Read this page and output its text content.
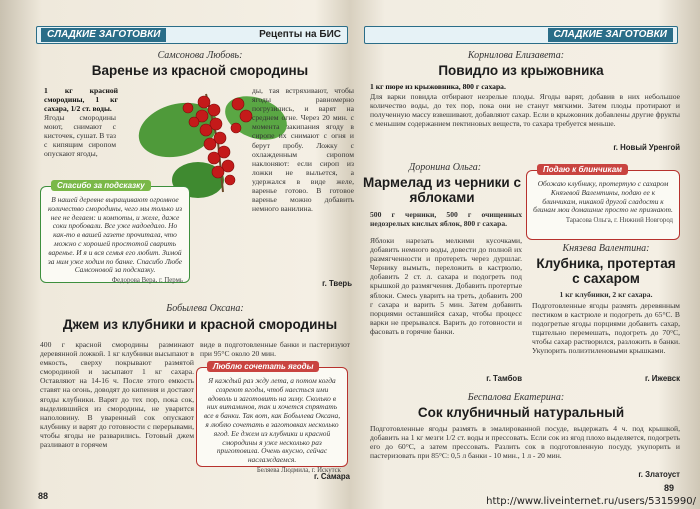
СЛАДКИЕ ЗАГОТОВКИ	Рецепты на БИС
Самсонова Любовь:
Варенье из красной смородины
1 кг красной смородины, 1 кг сахара, 1/2 ст. воды.
Ягоды смородины моют, снимают с кисточек, сушат. В таз с кипящим сиропом опускают ягоды,
ды, тая встряхивают, чтобы ягоды равномерно погрузились, и варят на среднем огне. Через 20 мин. с момента закипания ягоду в сиропе их снимают с огня и берут пробу. Ложку с охлажденным сиропом наклоняют: если сироп из ложки не выльется, а удержался в виде желе, варенье готово. В готовое варенье можно добавить немного ванилина.
г. Тверь
Спасибо за подсказку
В нашей деревне выращивают огромное количество смородины, чего мы только из нее не делаем: и компоты, и желе, даже соки пробовали. Все уже надоедало. Но как-то в вашей газете прочитала, что можно с хорошей простотой сварить варенье. И я и вся семья его любит. Зимой за ним уже ходим по банке. Спасибо Любе Самсоновой за подсказку.
Федорова Вера, г. Пермь
Бобылева Оксана:
Джем из клубники и красной смородины
400 г красной смородины разминают деревянной ложкой. 1 кг клубники высыпают в емкость, сверху покрывают размятой смородиной и засыпают 1 кг сахара. Оставляют на 14-16 ч. После этого емкость ставят на огонь, доводят до кипения и достают ягоды клубники. Варят до тех пор, пока сок, выделившийся из смородины, не уварится наполовину. В уваренный сок опускают клубнику и варят до готовности с перерывами, чтобы ягоды не разварились. Готовый джем разливают в горячем
виде в подготовленные банки и пастеризуют при 95°С около 20 мин.
Люблю сочетать ягоды
Я каждый раз жду лета, а потом когда созреют ягоды, чтоб наесться ими вдоволь и заготовить на зиму. Сколько в них витаминов, так и хочется спрятать все в банки. Так вот, как Бобылева Оксана, я люблю сочетать в заготовках несколько ягод. Ее джем из клубники и красной смородины я уже несколько раз приготовила. Очень вкусно, сейчас наслаждаемся.
Беляева Людмила, г. Искутск
г. Самара
88
СЛАДКИЕ ЗАГОТОВКИ
Корнилова Елизавета:
Повидло из крыжовника
1 кг пюре из крыжовника, 800 г сахара.
Для варки повидла отбирают незрелые плоды. Ягоды варят, добавив в них небольшое количество воды, до тех пор, пока они не станут мягкими. Затем плоды протирают и полученную массу взвешивают, добавляют сахар. Если в крыжовник добавлены другие фрукты с меньшим содержанием пектиновых веществ, то сахара требуется меньше.
г. Новый Уренгой
Доронина Ольга:
Мармелад из черники с яблоками
500 г черники, 500 г очищенных недозрелых кислых яблок, 800 г сахара.
Яблоки нарезать мелкими кусочками, добавить немного воды, довести до полной их размягченности и протереть через дуршлаг. Чернику вымыть, переложить в кастрюлю, добавить 2 ст. л. сахара и подогреть под крышкой до размягчения. Добавить протертые яблоки. Смесь уварить на треть, добавить 200 г сахара и варить 5 мин. Затем добавить порциями оставшийся сахар, чтобы процесс варки не прерывался. Варить до готовности и фасовать в горячие банки.
г. Тамбов
Подаю к блинчикам
Обожаю клубнику, протертую с сахаром Князевой Валентины, подаю ее к блинчикам, никакой другой сладости к блинам мои домашние просто не признают.
Тарасова Ольга, г. Нижний Новгород
Князева Валентина:
Клубника, протертая с сахаром
1 кг клубники, 2 кг сахара.
Подготовленные ягоды размять деревянным пестиком в кастрюле и подогреть до 65°С. В подогретые ягоды порциями добавить сахар, тщательно перемешать, подогреть до 70°С, чтобы сахар растворился, разложить в банки. Укупорить полиэтиленовыми крышками.
г. Ижевск
Беспалова Екатерина:
Сок клубничный натуральный
Подготовленные ягоды размять в эмалированной посуде, выдержать 4 ч. под крышкой, добавить на 1 кг мезги 1/2 ст. воды и прессовать. Если сок из ягод плохо выделяется, подогреть его до 60°С, а затем прессовать. Разлить сок в подготовленную посуду, укупорить и пастеризовать при 85°С: 0,5 л банки - 10 мин., 1 л - 20 мин.
г. Златоуст
89
http://www.liveinternet.ru/users/5315990/
